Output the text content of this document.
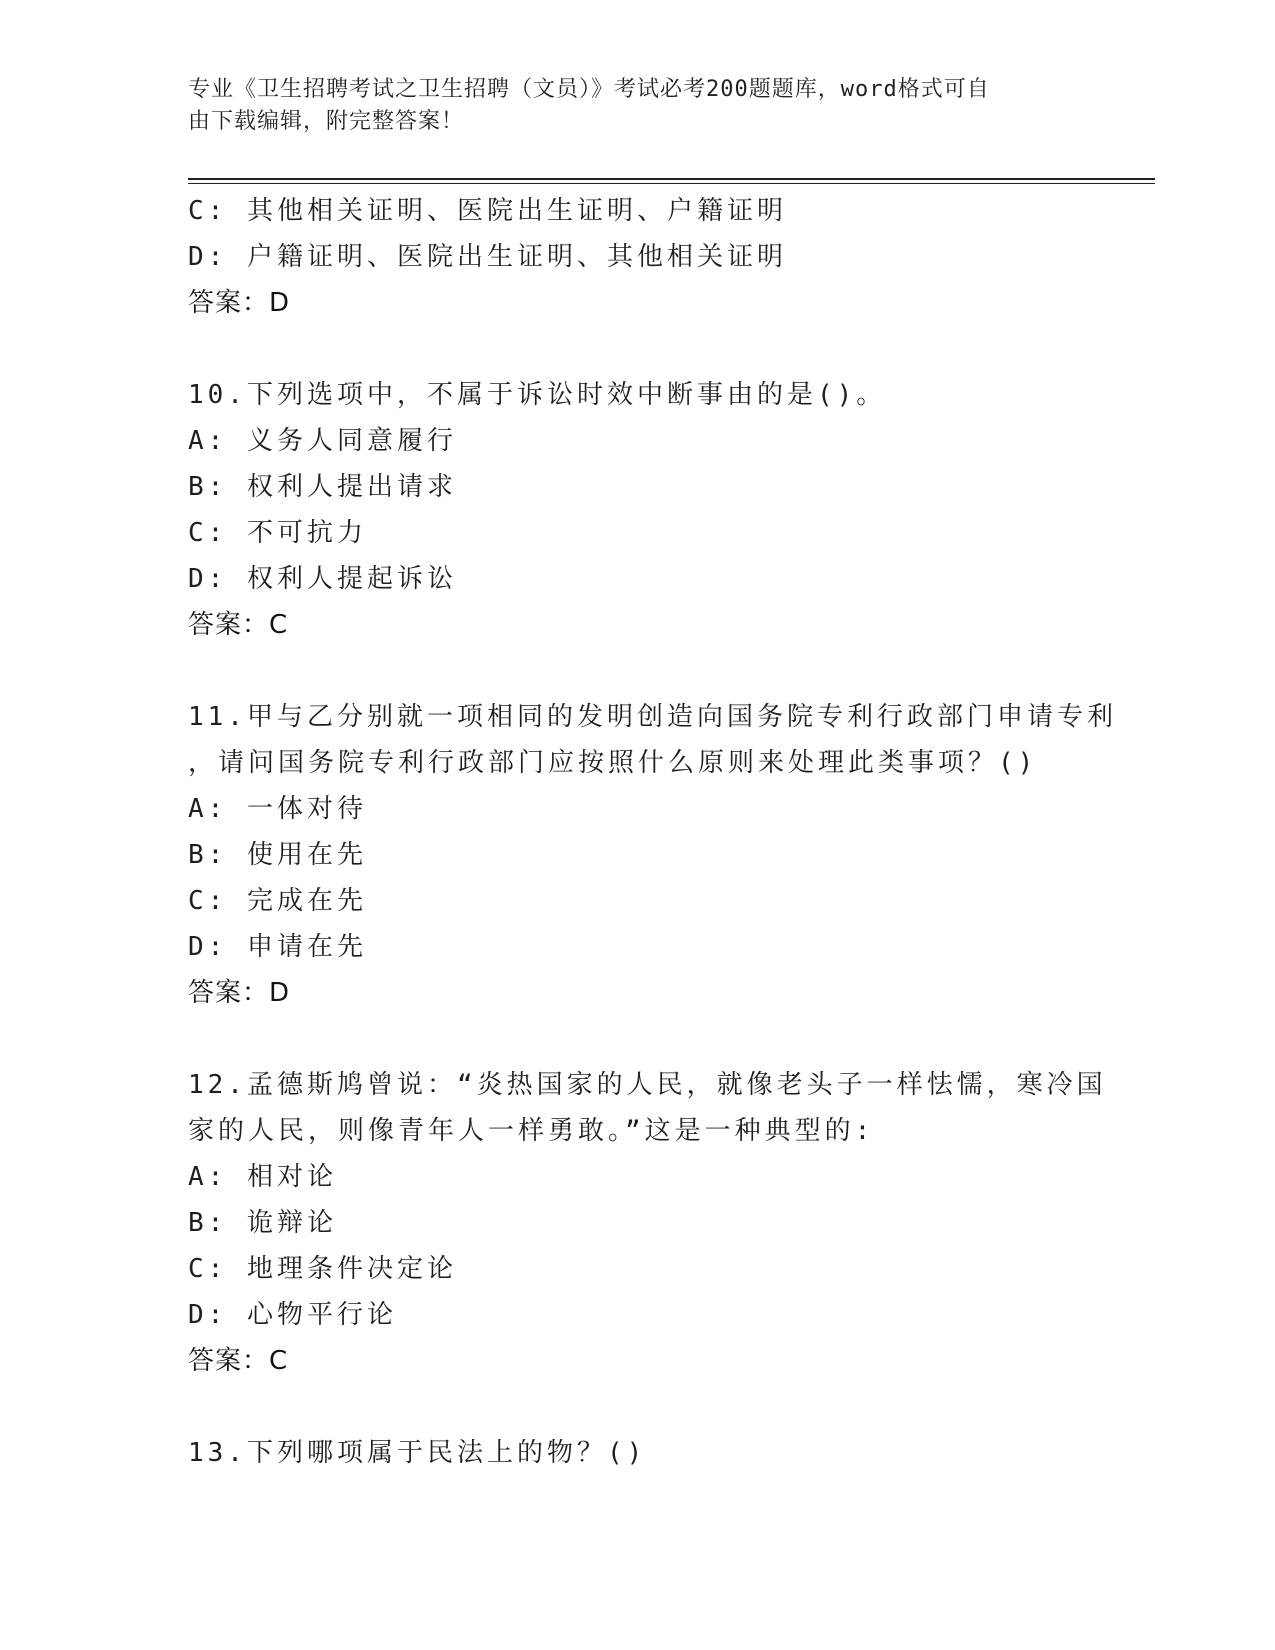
专业《卫生招聘考试之卫生招聘（文员）》考试必考200题题库，word格式可自
由下载编辑，附完整答案！
C: 其他相关证明、医院出生证明、户籍证明
D: 户籍证明、医院出生证明、其他相关证明
答案：D
10.下列选项中，不属于诉讼时效中断事由的是()。
A: 义务人同意履行
B: 权利人提出请求
C: 不可抗力
D: 权利人提起诉讼
答案：C
11.甲与乙分别就一项相同的发明创造向国务院专利行政部门申请专利
，请问国务院专利行政部门应按照什么原则来处理此类事项？()
A: 一体对待
B: 使用在先
C: 完成在先
D: 申请在先
答案：D
12.孟德斯鸠曾说：“炎热国家的人民，就像老头子一样怯懦，寒冷国
家的人民，则像青年人一样勇敢。”这是一种典型的:
A: 相对论
B: 诡辩论
C: 地理条件决定论
D: 心物平行论
答案：C
13.下列哪项属于民法上的物？()
